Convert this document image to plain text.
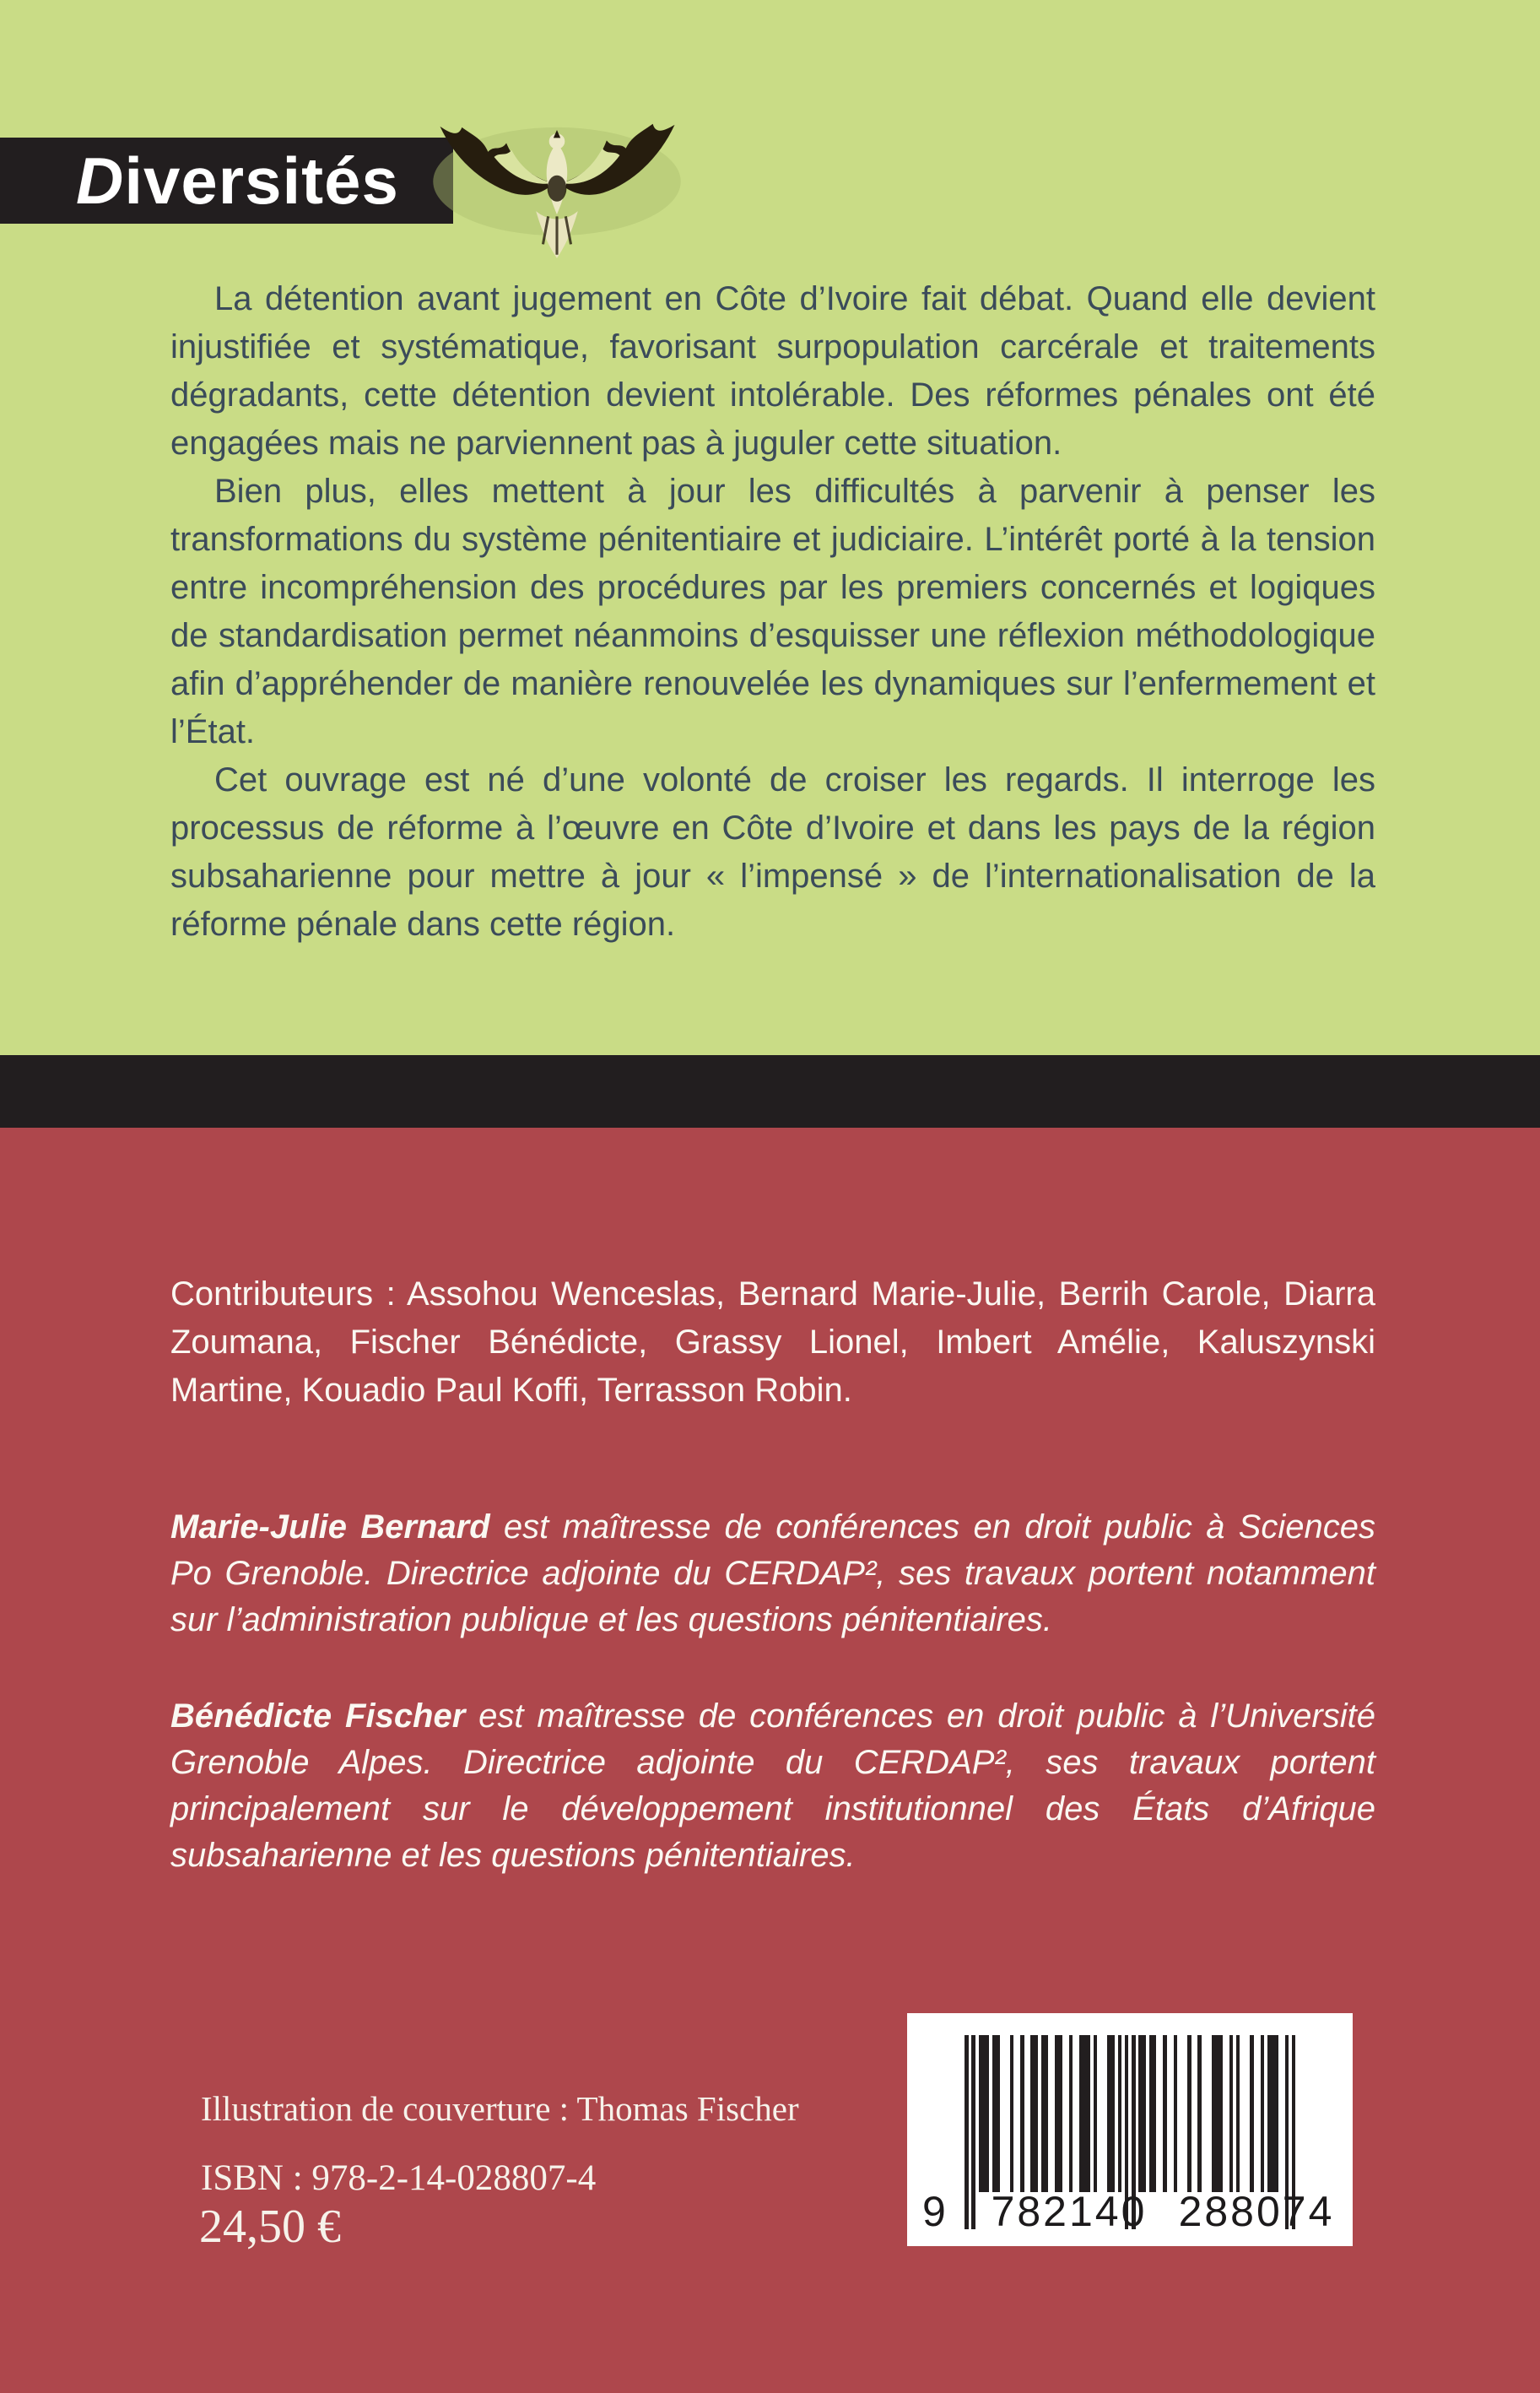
Diversités

La détention avant jugement en Côte d’Ivoire fait débat. Quand elle devient injustifiée et systématique, favorisant surpopulation carcérale et traitements dégradants, cette détention devient intolérable. Des réformes pénales ont été engagées mais ne parviennent pas à juguler cette situation.

Bien plus, elles mettent à jour les difficultés à parvenir à penser les transformations du système pénitentiaire et judiciaire. L’intérêt porté à la tension entre incompréhension des procédures par les premiers concernés et logiques de standardisation permet néanmoins d’esquisser une réflexion méthodologique afin d’appréhender de manière renouvelée les dynamiques sur l’enfermement et l’État.

Cet ouvrage est né d’une volonté de croiser les regards. Il interroge les processus de réforme à l’œuvre en Côte d’Ivoire et dans les pays de la région subsaharienne pour mettre à jour « l’impensé » de l’internationalisation de la réforme pénale dans cette région.

Contributeurs : Assohou Wenceslas, Bernard Marie-Julie, Berrih Carole, Diarra Zoumana, Fischer Bénédicte, Grassy Lionel, Imbert Amélie, Kaluszynski Martine, Kouadio Paul Koffi, Terrasson Robin.
Marie-Julie Bernard est maîtresse de conférences en droit public à Sciences Po Grenoble. Directrice adjointe du CERDAP², ses travaux portent notamment sur l’administration publique et les questions pénitentiaires.
Bénédicte Fischer est maîtresse de conférences en droit public à l’Université Grenoble Alpes. Directrice adjointe du CERDAP², ses travaux portent principalement sur le développement institutionnel des États d’Afrique subsaharienne et les questions pénitentiaires.
Illustration de couverture : Thomas Fischer
ISBN : 978-2-14-028807-4
24,50 €	9 782140 288074
